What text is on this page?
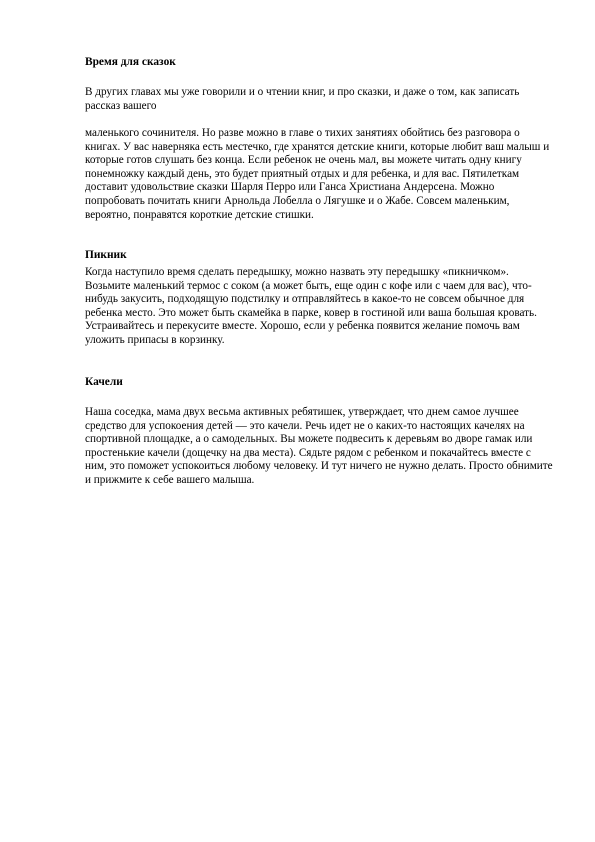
Время для сказок

В других главах мы уже говорили и о чтении книг, и про сказки, и даже о том, как записать рассказ вашего

маленького сочинителя. Но разве можно в главе о тихих занятиях обойтись без разговора о книгах. У вас наверняка есть местечко, где хранятся детские книги, которые любит ваш малыш и которые готов слушать без конца. Если ребенок не очень мал, вы можете читать одну книгу понемножку каждый день, это будет приятный отдых и для ребенка, и для вас. Пятилеткам доставит удовольствие сказки Шарля Перро или Ганса Христиана Андерсена. Можно попробовать почитать книги Арнольда Лобелла о Лягушке и о Жабе. Совсем маленьким, вероятно, понравятся короткие детские стишки.

Пикник

Когда наступило время сделать передышку, можно назвать эту передышку «пикничком». Возьмите маленький термос с соком (а может быть, еще один с кофе или с чаем для вас), что-нибудь закусить, подходящую подстилку и отправляйтесь в какое-то не совсем обычное для ребенка место. Это может быть скамейка в парке, ковер в гостиной или ваша большая кровать. Устраивайтесь и перекусите вместе. Хорошо, если у ребенка появится желание помочь вам уложить припасы в корзинку.

Качели

Наша соседка, мама двух весьма активных ребятишек, утверждает, что днем самое лучшее средство для успокоения детей — это качели. Речь идет не о каких-то настоящих качелях на спортивной площадке, а о самодельных. Вы можете подвесить к деревьям во дворе гамак или простенькие качели (дощечку на два места). Сядьте рядом с ребенком и покачайтесь вместе с ним, это поможет успокоиться любому человеку. И тут ничего не нужно делать. Просто обнимите и прижмите к себе вашего малыша.
